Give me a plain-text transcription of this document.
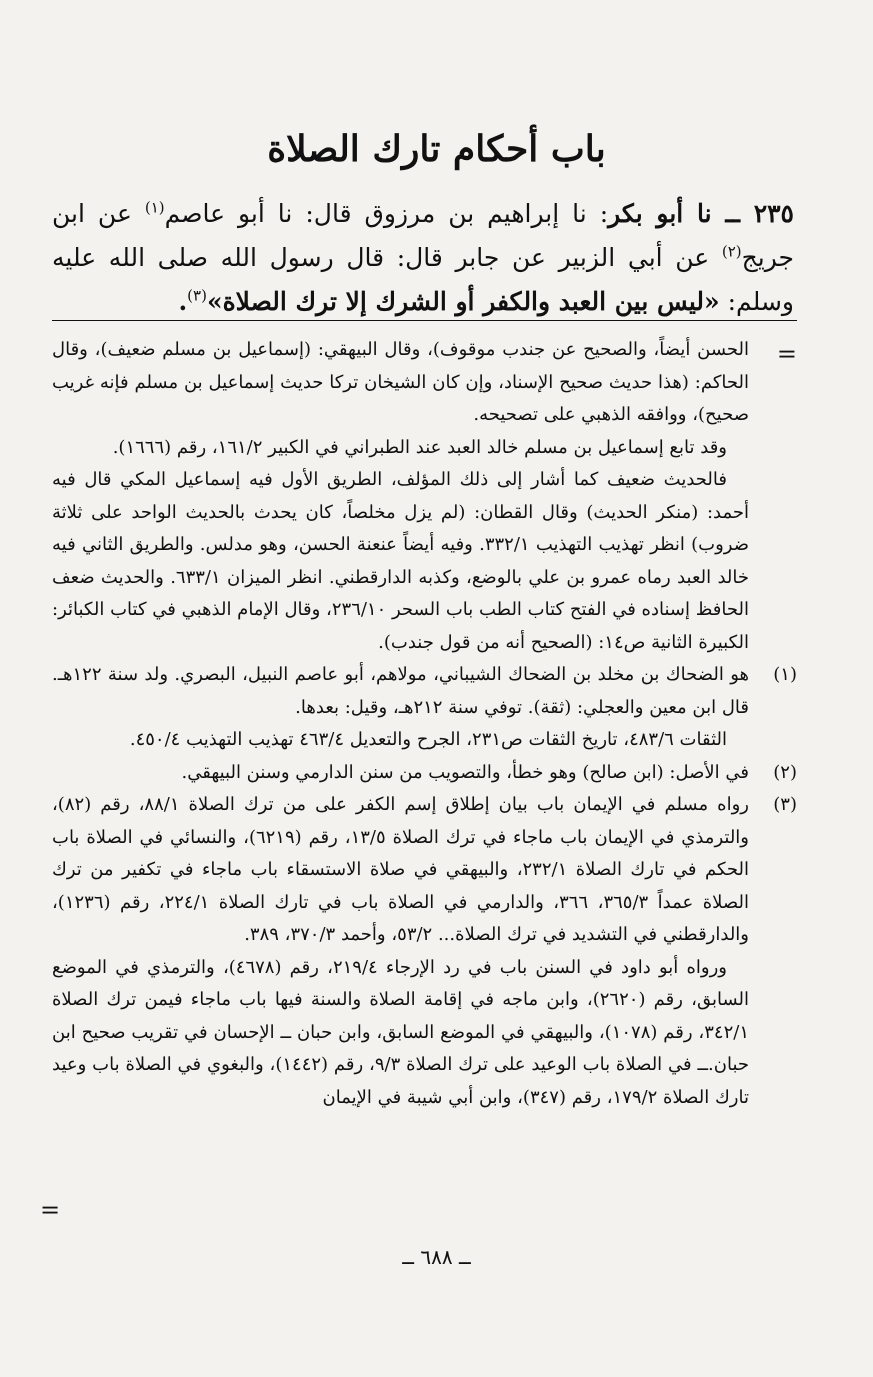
باب أحكام تارك الصلاة
٢٣٥ ــ نا أبو بكر: نا إبراهيم بن مرزوق قال: نا أبو عاصم$^{(١)}$ عن ابن جريج$^{(٢)}$ عن أبي الزبير عن جابر قال: قال رسول الله صلى الله عليه وسلم: «ليس بين العبد والكفر أو الشرك إلا ترك الصلاة»$^{(٣)}$.
=

الحسن أيضاً، والصحيح عن جندب موقوف)، وقال البيهقي: (إسماعيل بن مسلم ضعيف)، وقال الحاكم: (هذا حديث صحيح الإسناد، وإن كان الشيخان تركا حديث إسماعيل بن مسلم فإنه غريب صحيح)، ووافقه الذهبي على تصحيحه.

وقد تابع إسماعيل بن مسلم خالد العبد عند الطبراني في الكبير ١٦١/٢، رقم (١٦٦٦).

فالحديث ضعيف كما أشار إلى ذلك المؤلف، الطريق الأول فيه إسماعيل المكي قال فيه أحمد: (منكر الحديث) وقال القطان: (لم يزل مخلصاً، كان يحدث بالحديث الواحد على ثلاثة ضروب) انظر تهذيب التهذيب ٣٣٢/١. وفيه أيضاً عنعنة الحسن، وهو مدلس. والطريق الثاني فيه خالد العبد رماه عمرو بن علي بالوضع، وكذبه الدارقطني. انظر الميزان ٦٣٣/١. والحديث ضعف الحافظ إسناده في الفتح كتاب الطب باب السحر ٢٣٦/١٠، وقال الإمام الذهبي في كتاب الكبائر: الكبيرة الثانية ص١٤: (الصحيح أنه من قول جندب).

(١)

هو الضحاك بن مخلد بن الضحاك الشيباني، مولاهم، أبو عاصم النبيل، البصري. ولد سنة ١٢٢هـ. قال ابن معين والعجلي: (ثقة). توفي سنة ٢١٢هـ، وقيل: بعدها.

الثقات ٤٨٣/٦، تاريخ الثقات ص٢٣١، الجرح والتعديل ٤٦٣/٤ تهذيب التهذيب ٤٥٠/٤.

(٢)

في الأصل: (ابن صالح) وهو خطأ، والتصويب من سنن الدارمي وسنن البيهقي.

(٣)

رواه مسلم في الإيمان باب بيان إطلاق إسم الكفر على من ترك الصلاة ٨٨/١، رقم (٨٢)، والترمذي في الإيمان باب ماجاء في ترك الصلاة ١٣/٥، رقم (٦٢١٩)، والنسائي في الصلاة باب الحكم في تارك الصلاة ٢٣٢/١، والبيهقي في صلاة الاستسقاء باب ماجاء في تكفير من ترك الصلاة عمداً ٣٦٥/٣، ٣٦٦، والدارمي في الصلاة باب في تارك الصلاة ٢٢٤/١، رقم (١٢٣٦)، والدارقطني في التشديد في ترك الصلاة... ٥٣/٢، وأحمد ٣٧٠/٣، ٣٨٩.

ورواه أبو داود في السنن باب في رد الإرجاء ٢١٩/٤، رقم (٤٦٧٨)، والترمذي في الموضع السابق، رقم (٢٦٢٠)، وابن ماجه في إقامة الصلاة والسنة فيها باب ماجاء فيمن ترك الصلاة ٣٤٢/١، رقم (١٠٧٨)، والبيهقي في الموضع السابق، وابن حبان ــ الإحسان في تقريب صحيح ابن حبان.ــ في الصلاة باب الوعيد على ترك الصلاة ٩/٣، رقم (١٤٤٢)، والبغوي في الصلاة باب وعيد تارك الصلاة ١٧٩/٢، رقم (٣٤٧)، وابن أبي شيبة في الإيمان

=
ــ ٦٨٨ ــ
